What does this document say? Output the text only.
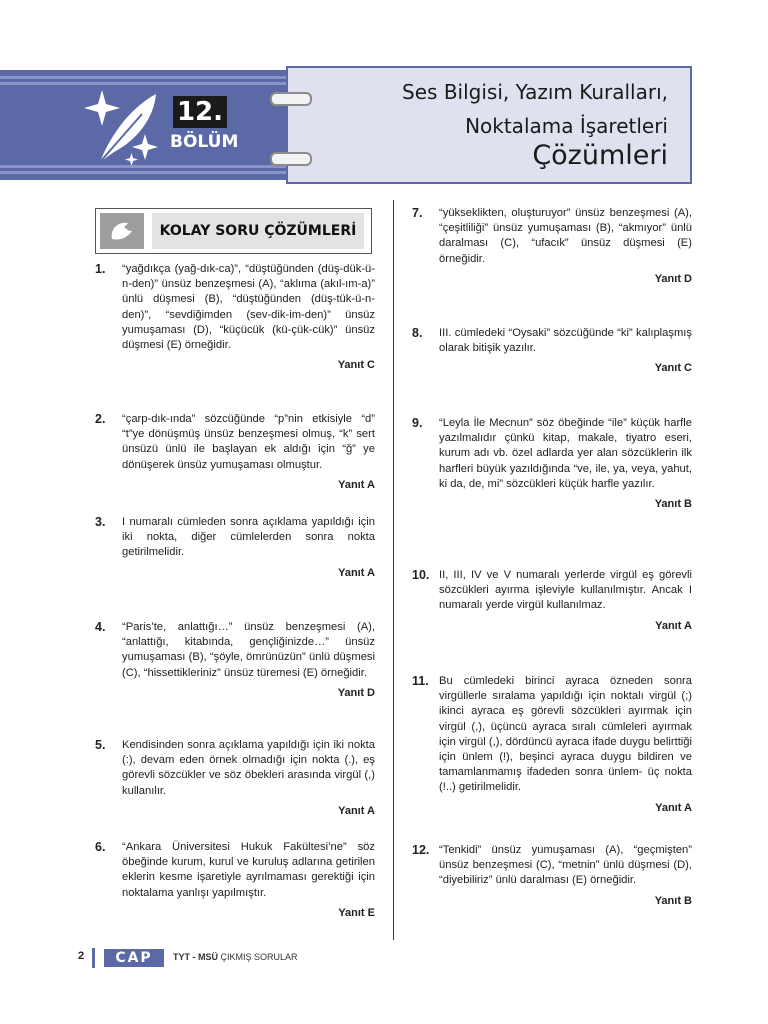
12.
BÖLÜM
Ses Bilgisi, Yazım Kuralları,
Noktalama İşaretleri
Çözümleri
KOLAY SORU ÇÖZÜMLERİ
1. “yağdıkça (yağ-dık-ca)”, “düştüğünden (düş-dük-ü-n-den)” ünsüz benzeşmesi (A), “aklıma (akıl-ım-a)” ünlü düşmesi (B), “düştüğünden (düş-tük-ü-n-den)”, “sevdiğimden (sev-dik-im-den)” ünsüz yumuşaması (D), “küçücük (kü-çük-cük)” ünsüz düşmesi (E) örneğidir.
Yanıt C
2. “çarp-dık-ında” sözcüğünde “p”nin etkisiyle “d” “t”ye dönüşmüş ünsüz benzeşmesi olmuş, “k” sert ünsüzü ünlü ile başlayan ek aldığı için “ğ” ye dönüşerek ünsüz yumuşaması olmuştur.
Yanıt A
3. I numaralı cümleden sonra açıklama yapıldığı için iki nokta, diğer cümlelerden sonra nokta getirilmelidir.
Yanıt A
4. “Paris’te, anlattığı…” ünsüz benzeşmesi (A), “anlattığı, kitabında, gençliğinizde…” ünsüz yumuşaması (B), “şöyle, ömrünüzün” ünlü düşmesi (C), “hissettikleriniz” ünsüz türemesi (E) örneğidir.
Yanıt D
5. Kendisinden sonra açıklama yapıldığı için iki nokta (:), devam eden örnek olmadığı için nokta (.), eş görevli sözcükler ve söz öbekleri arasında virgül (,) kullanılır.
Yanıt A
6. “Ankara Üniversitesi Hukuk Fakültesi’ne” söz öbeğinde kurum, kurul ve kuruluş adlarına getirilen eklerin kesme işaretiyle ayrılmaması gerektiği için noktalama yanlışı yapılmıştır.
Yanıt E
7. “yükseklikten, oluşturuyor” ünsüz benzeşmesi (A), “çeşitliliği” ünsüz yumuşaması (B), “akmıyor” ünlü daralması (C), “ufacık” ünsüz düşmesi (E) örneğidir.
Yanıt D
8. III. cümledeki “Oysaki” sözcüğünde “ki” kalıplaşmış olarak bitişik yazılır.
Yanıt C
9. “Leyla İle Mecnun” söz öbeğinde “ile” küçük harfle yazılmalıdır çünkü kitap, makale, tiyatro eseri, kurum adı vb. özel adlarda yer alan sözcüklerin ilk harfleri büyük yazıldığında “ve, ile, ya, veya, yahut, ki da, de, mi” sözcükleri küçük harfle yazılır.
Yanıt B
10. II, III, IV ve V numaralı yerlerde virgül eş görevli sözcükleri ayırma işleviyle kullanılmıştır. Ancak I numaralı yerde virgül kullanılmaz.
Yanıt A
11. Bu cümledeki birinci ayraca özneden sonra virgüllerle sıralama yapıldığı için noktalı virgül (;) ikinci ayraca eş görevli sözcükleri ayırmak için virgül (,), üçüncü ayraca sıralı cümleleri ayırmak için virgül (,), dördüncü ayraca ifade duygu belirttiği için ünlem (!), beşinci ayraca duygu bildiren ve tamamlanmamış ifadeden sonra ünlem- üç nokta (!..) getirilmelidir.
Yanıt A
12. “Tenkidi” ünsüz yumuşaması (A), “geçmişten” ünsüz benzeşmesi (C), “metnin” ünlü düşmesi (D), “diyebiliriz” ünlü daralması (E) örneğidir.
Yanıt B
2	CAP	TYT - MSÜ ÇIKMIŞ SORULAR
